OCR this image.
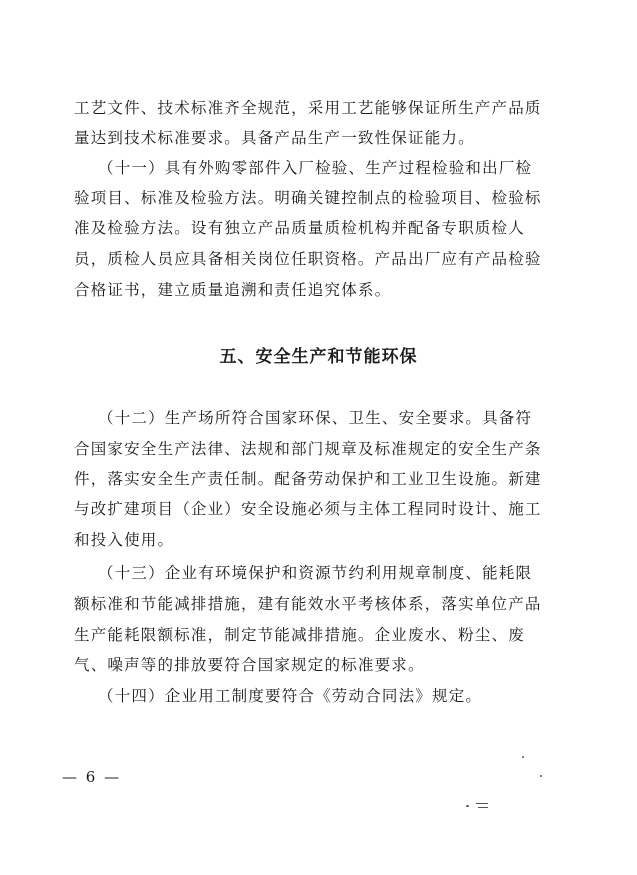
工艺文件、技术标准齐全规范，采用工艺能够保证所生产产品质
量达到技术标准要求。具备产品生产一致性保证能力。
（十一）具有外购零部件入厂检验、生产过程检验和出厂检
验项目、标准及检验方法。明确关键控制点的检验项目、检验标
准及检验方法。设有独立产品质量质检机构并配备专职质检人
员，质检人员应具备相关岗位任职资格。产品出厂应有产品检验
合格证书，建立质量追溯和责任追究体系。
五、安全生产和节能环保
（十二）生产场所符合国家环保、卫生、安全要求。具备符
合国家安全生产法律、法规和部门规章及标准规定的安全生产条
件，落实安全生产责任制。配备劳动保护和工业卫生设施。新建
与改扩建项目（企业）安全设施必须与主体工程同时设计、施工
和投入使用。
（十三）企业有环境保护和资源节约利用规章制度、能耗限
额标准和节能减排措施，建有能效水平考核体系，落实单位产品
生产能耗限额标准，制定节能减排措施。企业废水、粉尘、废
气、噪声等的排放要符合国家规定的标准要求。
（十四）企业用工制度要符合《劳动合同法》规定。
— 6 —
